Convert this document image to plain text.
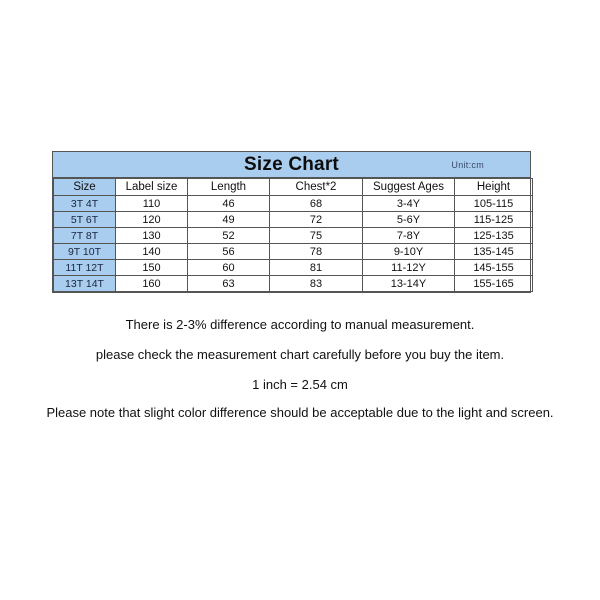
Size Chart	Unit:cm
Size	Label size	Length	Chest*2	Suggest Ages	Height
3T 4T	110	46	68	3-4Y	105-115
5T 6T	120	49	72	5-6Y	115-125
7T 8T	130	52	75	7-8Y	125-135
9T 10T	140	56	78	9-10Y	135-145
11T 12T	150	60	81	11-12Y	145-155
13T 14T	160	63	83	13-14Y	155-165
There is 2-3% difference according to manual measurement.
please check the measurement chart carefully before you buy the item.
1 inch = 2.54 cm
Please note that slight color difference should be acceptable due to the light and screen.
